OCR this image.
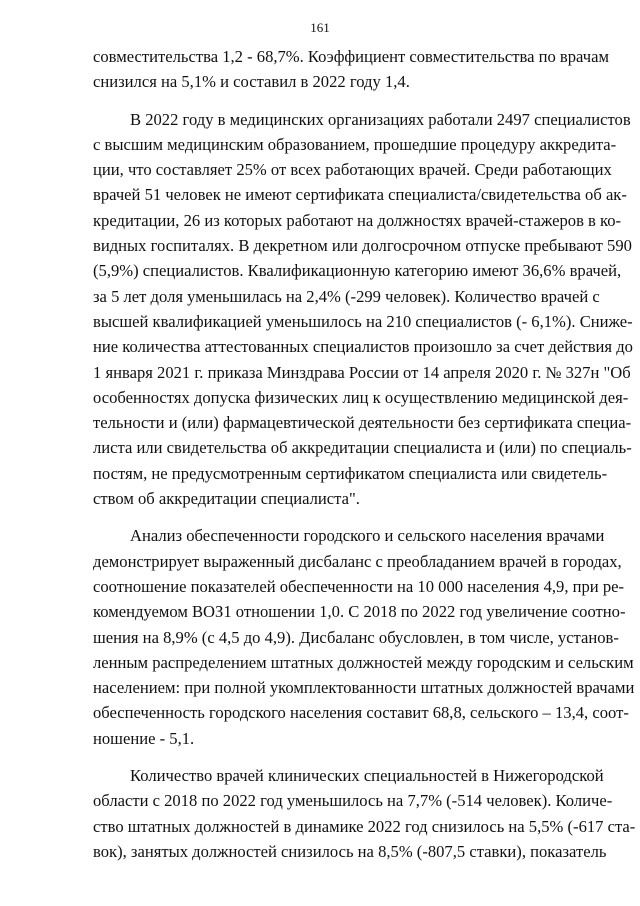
161
совместительства 1,2 - 68,7%. Коэффициент совместительства по врачам
снизился на 5,1% и составил в 2022 году 1,4.
В 2022 году в медицинских организациях работали 2497 специалистов
с высшим медицинским образованием, прошедшие процедуру аккредита-
ции, что составляет 25% от всех работающих врачей. Среди работающих
врачей 51 человек не имеют сертификата специалиста/свидетельства об ак-
кредитации, 26 из которых работают на должностях врачей-стажеров в ко-
видных госпиталях. В декретном или долгосрочном отпуске пребывают 590
(5,9%) специалистов. Квалификационную категорию имеют 36,6% врачей,
за 5 лет доля уменьшилась на 2,4% (-299 человек). Количество врачей с
высшей квалификацией уменьшилось на 210 специалистов (- 6,1%). Сниже-
ние количества аттестованных специалистов произошло за счет действия до
1 января 2021 г. приказа Минздрава России от 14 апреля 2020 г. № 327н "Об
особенностях допуска физических лиц к осуществлению медицинской дея-
тельности и (или) фармацевтической деятельности без сертификата специа-
листа или свидетельства об аккредитации специалиста и (или) по специаль-
постям, не предусмотренным сертификатом специалиста или свидетель-
ством об аккредитации специалиста".
Анализ обеспеченности городского и сельского населения врачами
демонстрирует выраженный дисбаланс с преобладанием врачей в городах,
соотношение показателей обеспеченности на 10 000 населения 4,9, при ре-
комендуемом ВОЗ1 отношении 1,0. С 2018 по 2022 год увеличение соотно-
шения на 8,9% (с 4,5 до 4,9). Дисбаланс обусловлен, в том числе, установ-
ленным распределением штатных должностей между городским и сельским
населением: при полной укомплектованности штатных должностей врачами
обеспеченность городского населения составит 68,8, сельского – 13,4, соот-
ношение - 5,1.
Количество врачей клинических специальностей в Нижегородской
области с 2018 по 2022 год уменьшилось на 7,7% (-514 человек). Количе-
ство штатных должностей в динамике 2022 год снизилось на 5,5% (-617 ста-
вок), занятых должностей снизилось на 8,5% (-807,5 ставки), показатель
